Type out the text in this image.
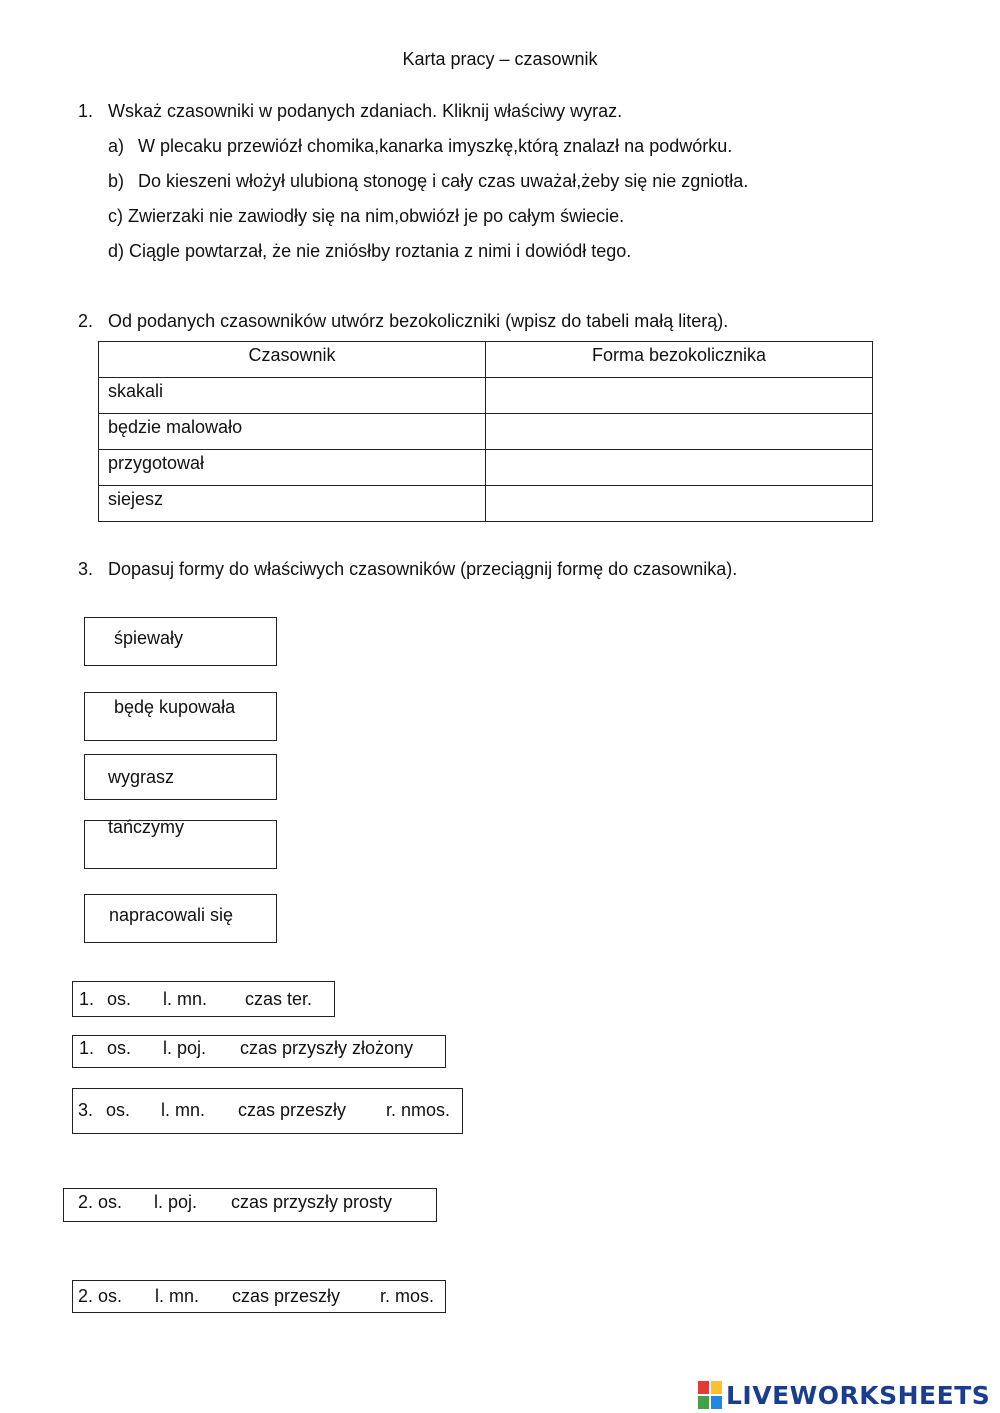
Karta pracy – czasownik
1. Wskaż czasowniki w podanych zdaniach. Kliknij właściwy wyraz.
a) W plecaku przewiózł chomika,kanarka imyszkę,którą znalazł na podwórku.
b) Do kieszeni włożył ulubioną stonogę i cały czas uważał,żeby się nie zgniotła.
c) Zwierzaki nie zawiodły się na nim,obwiózł je po całym świecie.
d) Ciągle powtarzał, że nie zniósłby roztania z nimi i dowiódł tego.
2. Od podanych czasowników utwórz bezokoliczniki (wpisz do tabeli małą literą).
Czasownik	Forma bezokolicznika
skakali	
będzie malowało	
przygotował	
siejesz	
3. Dopasuj formy do właściwych czasowników (przeciągnij formę do czasownika).
śpiewały
będę kupowała
wygrasz
tańczymy
napracowali się
1. os. l. mn. czas ter.
1. os. l. poj. czas przyszły złożony
3. os. l. mn. czas przeszły r. nmos.
2. os. l. poj. czas przyszły prosty
2. os. l. mn. czas przeszły r. mos.
LIVEWORKSHEETS
